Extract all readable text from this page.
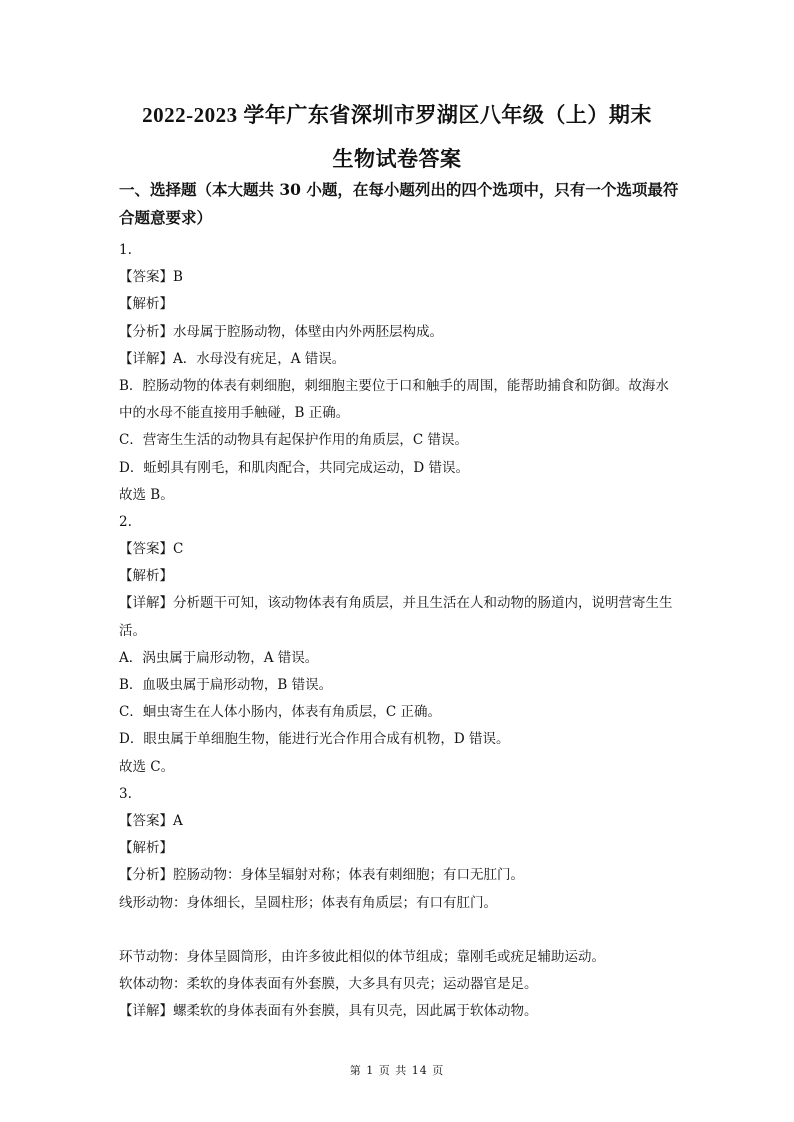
2022-2023 学年广东省深圳市罗湖区八年级（上）期末
生物试卷答案
一、选择题（本大题共 30 小题，在每小题列出的四个选项中，只有一个选项最符合题意要求）
1.
【答案】B
【解析】
【分析】水母属于腔肠动物，体壁由内外两胚层构成。
【详解】A．水母没有疣足，A 错误。
B．腔肠动物的体表有刺细胞，刺细胞主要位于口和触手的周围，能帮助捕食和防御。故海水中的水母不能直接用手触碰，B 正确。
C．营寄生生活的动物具有起保护作用的角质层，C 错误。
D．蚯蚓具有刚毛，和肌肉配合，共同完成运动，D 错误。
故选 B。
2.
【答案】C
【解析】
【详解】分析题干可知，该动物体表有角质层，并且生活在人和动物的肠道内，说明营寄生生活。
A．涡虫属于扁形动物，A 错误。
B．血吸虫属于扁形动物，B 错误。
C．蛔虫寄生在人体小肠内，体表有角质层，C 正确。
D．眼虫属于单细胞生物，能进行光合作用合成有机物，D 错误。
故选 C。
3.
【答案】A
【解析】
【分析】腔肠动物：身体呈辐射对称；体表有刺细胞；有口无肛门。
线形动物：身体细长，呈圆柱形；体表有角质层；有口有肛门。
环节动物：身体呈圆筒形，由许多彼此相似的体节组成；靠刚毛或疣足辅助运动。
软体动物：柔软的身体表面有外套膜，大多具有贝壳；运动器官是足。
【详解】螺柔软的身体表面有外套膜，具有贝壳，因此属于软体动物。
第 1 页 共 14 页
